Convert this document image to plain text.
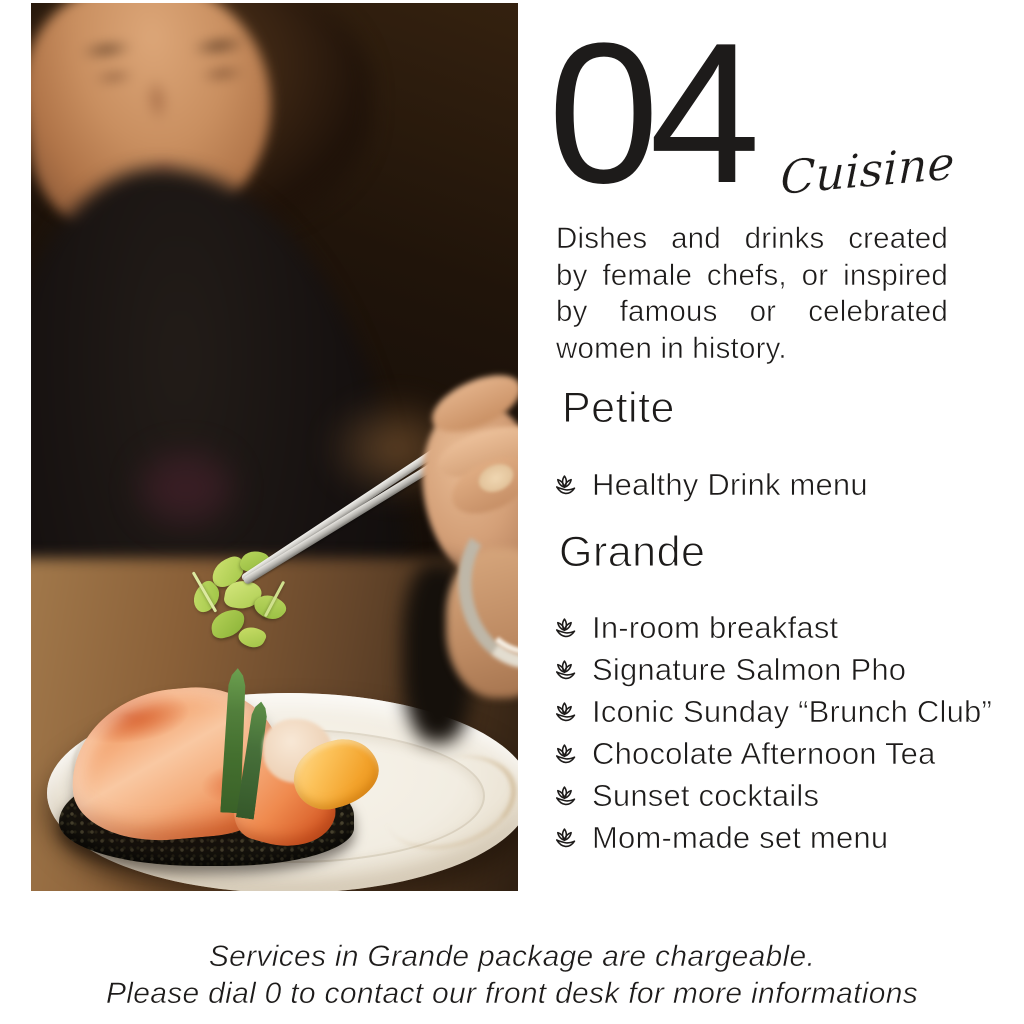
04 Cuisine
Dishes and drinks created
by female chefs, or inspired
by famous or celebrated
women in history.
Petite
Healthy Drink menu
Grande
In-room breakfast
Signature Salmon Pho
Iconic Sunday “Brunch Club”
Chocolate Afternoon Tea
Sunset cocktails
Mom-made set menu
Services in Grande package are chargeable.
Please dial 0 to contact our front desk for more informations
